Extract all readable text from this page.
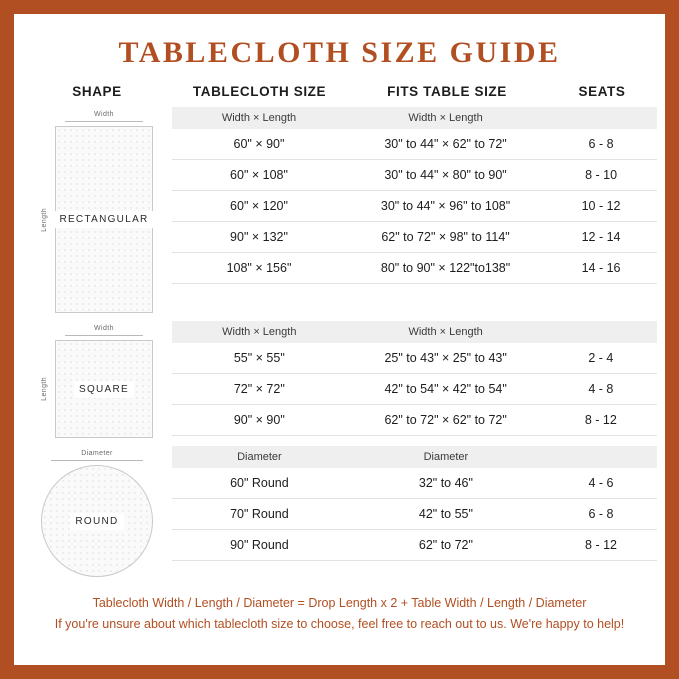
TABLECLOTH SIZE GUIDE
SHAPE	TABLECLOTH SIZE	FITS TABLE SIZE	SEATS
Width
Length	RECTANGULAR
Width × Length	Width × Length	
60" × 90"	30" to 44" × 62" to 72"	6 - 8
60" × 108"	30" to 44" × 80" to 90"	8 - 10
60" × 120"	30" to 44" × 96" to 108"	10 - 12
90" × 132"	62" to 72" × 98" to 114"	12 - 14
108" × 156"	80" to 90" × 122"to138"	14 - 16
Width
Length	SQUARE
Width × Length	Width × Length	
55" × 55"	25" to 43" × 25" to 43"	2 - 4
72" × 72"	42" to 54" × 42" to 54"	4 - 8
90" × 90"	62" to 72" × 62" to 72"	8 - 12
Diameter
ROUND
Diameter	Diameter	
60" Round	32" to 46"	4 - 6
70" Round	42" to 55"	6 - 8
90" Round	62" to 72"	8 - 12
Tablecloth Width / Length / Diameter = Drop Length x 2 + Table Width / Length / Diameter
If you're unsure about which tablecloth size to choose, feel free to reach out to us. We're happy to help!
